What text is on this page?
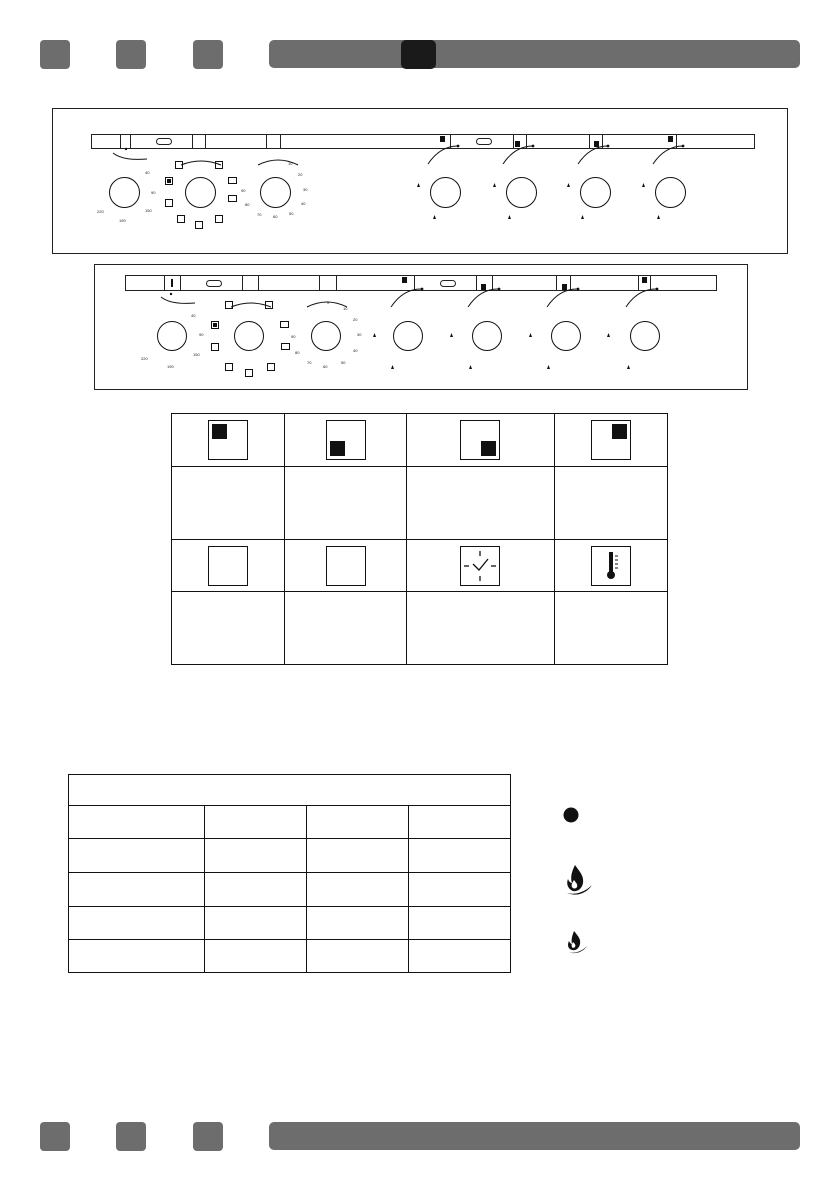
40
90
150
190
220
10
20
30
40
50
60
70
80
90
40
90
150
190
220
0
10
20
30
40
50
60
70
80
90
